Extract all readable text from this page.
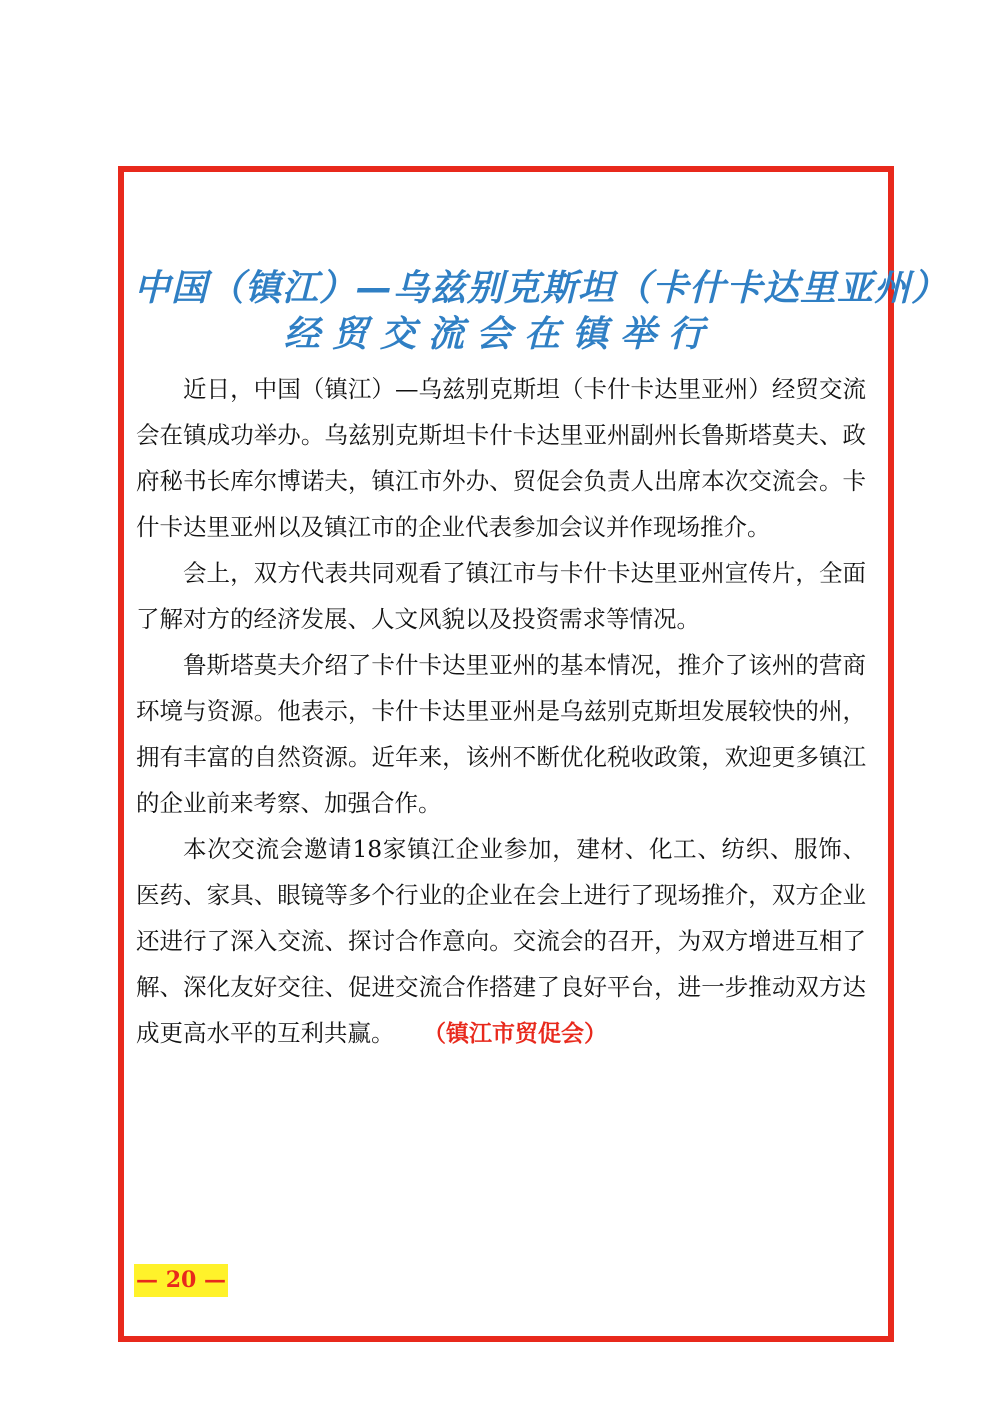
中国（镇江）—乌兹别克斯坦（卡什卡达里亚州）
经贸交流会在镇举行

近日，中国（镇江）—乌兹别克斯坦（卡什卡达里亚州）经贸交流会在镇成功举办。乌兹别克斯坦卡什卡达里亚州副州长鲁斯塔莫夫、政府秘书长库尔博诺夫，镇江市外办、贸促会负责人出席本次交流会。卡什卡达里亚州以及镇江市的企业代表参加会议并作现场推介。

会上，双方代表共同观看了镇江市与卡什卡达里亚州宣传片，全面了解对方的经济发展、人文风貌以及投资需求等情况。

鲁斯塔莫夫介绍了卡什卡达里亚州的基本情况，推介了该州的营商环境与资源。他表示，卡什卡达里亚州是乌兹别克斯坦发展较快的州，拥有丰富的自然资源。近年来，该州不断优化税收政策，欢迎更多镇江的企业前来考察、加强合作。

本次交流会邀请18家镇江企业参加，建材、化工、纺织、服饰、医药、家具、眼镜等多个行业的企业在会上进行了现场推介，双方企业还进行了深入交流、探讨合作意向。交流会的召开，为双方增进互相了解、深化友好交往、促进交流合作搭建了良好平台，进一步推动双方达成更高水平的互利共赢。 （镇江市贸促会）

— 20 —
